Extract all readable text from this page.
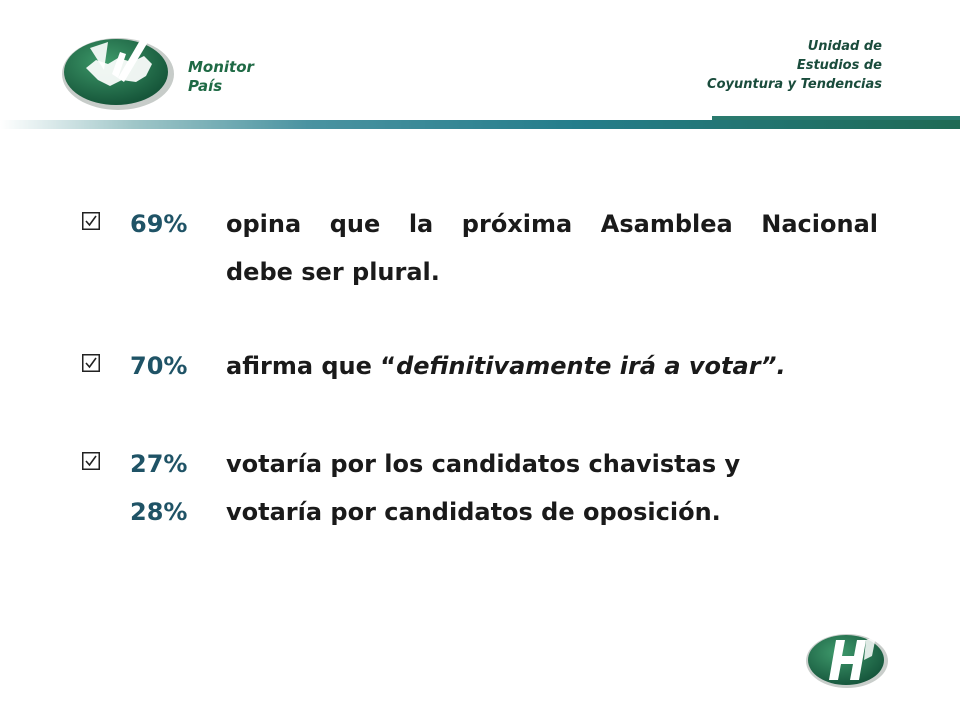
Monitor
País
Unidad de
Estudios de
Coyuntura y Tendencias
69% opina que la próxima Asamblea Nacional
debe ser plural.
70% afirma que “definitivamente irá a votar”.
27% votaría por los candidatos chavistas y
28% votaría por candidatos de oposición.
